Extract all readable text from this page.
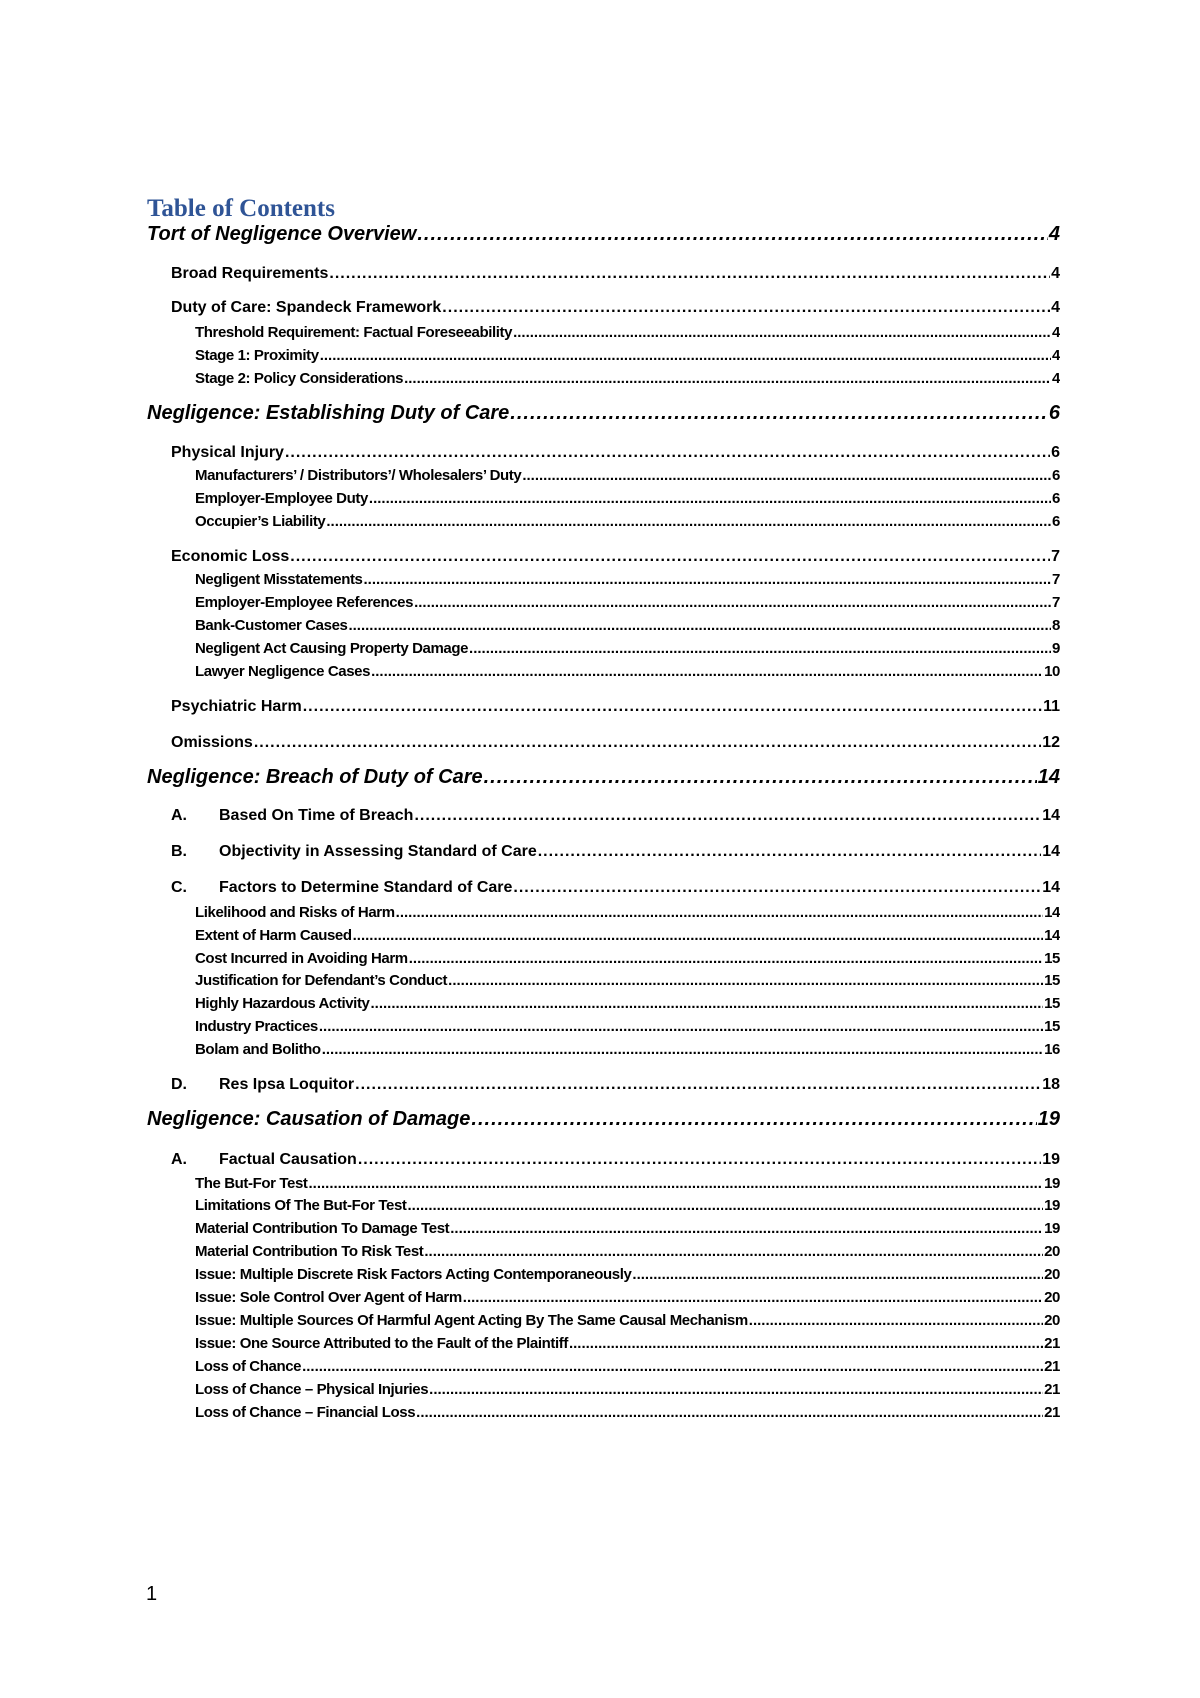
Table of Contents
Tort of Negligence Overview .....	4
Broad Requirements .....	4
Duty of Care: Spandeck Framework .....	4
Threshold Requirement: Factual Foreseeability .....	4
Stage 1: Proximity .....	4
Stage 2: Policy Considerations .....	4
Negligence: Establishing Duty of Care .....	6
Physical Injury .....	6
Manufacturers’ / Distributors’/ Wholesalers’ Duty .....	6
Employer-Employee Duty .....	6
Occupier’s Liability .....	6
Economic Loss .....	7
Negligent Misstatements .....	7
Employer-Employee References .....	7
Bank-Customer Cases .....	8
Negligent Act Causing Property Damage .....	9
Lawyer Negligence Cases .....	10
Psychiatric Harm .....	11
Omissions .....	12
Negligence: Breach of Duty of Care .....	14
A.	Based On Time of Breach .....	14
B.	Objectivity in Assessing Standard of Care .....	14
C.	Factors to Determine Standard of Care .....	14
Likelihood and Risks of Harm .....	14
Extent of Harm Caused .....	14
Cost Incurred in Avoiding Harm .....	15
Justification for Defendant’s Conduct .....	15
Highly Hazardous Activity .....	15
Industry Practices .....	15
Bolam and Bolitho .....	16
D.	Res Ipsa Loquitor .....	18
Negligence: Causation of Damage .....	19
A.	Factual Causation .....	19
The But-For Test .....	19
Limitations Of The But-For Test .....	19
Material Contribution To Damage Test .....	19
Material Contribution To Risk Test .....	20
Issue: Multiple Discrete Risk Factors Acting Contemporaneously .....	20
Issue: Sole Control Over Agent of Harm .....	20
Issue: Multiple Sources Of Harmful Agent Acting By The Same Causal Mechanism .....	20
Issue: One Source Attributed to the Fault of the Plaintiff .....	21
Loss of Chance .....	21
Loss of Chance – Physical Injuries .....	21
Loss of Chance – Financial Loss .....	21
1
